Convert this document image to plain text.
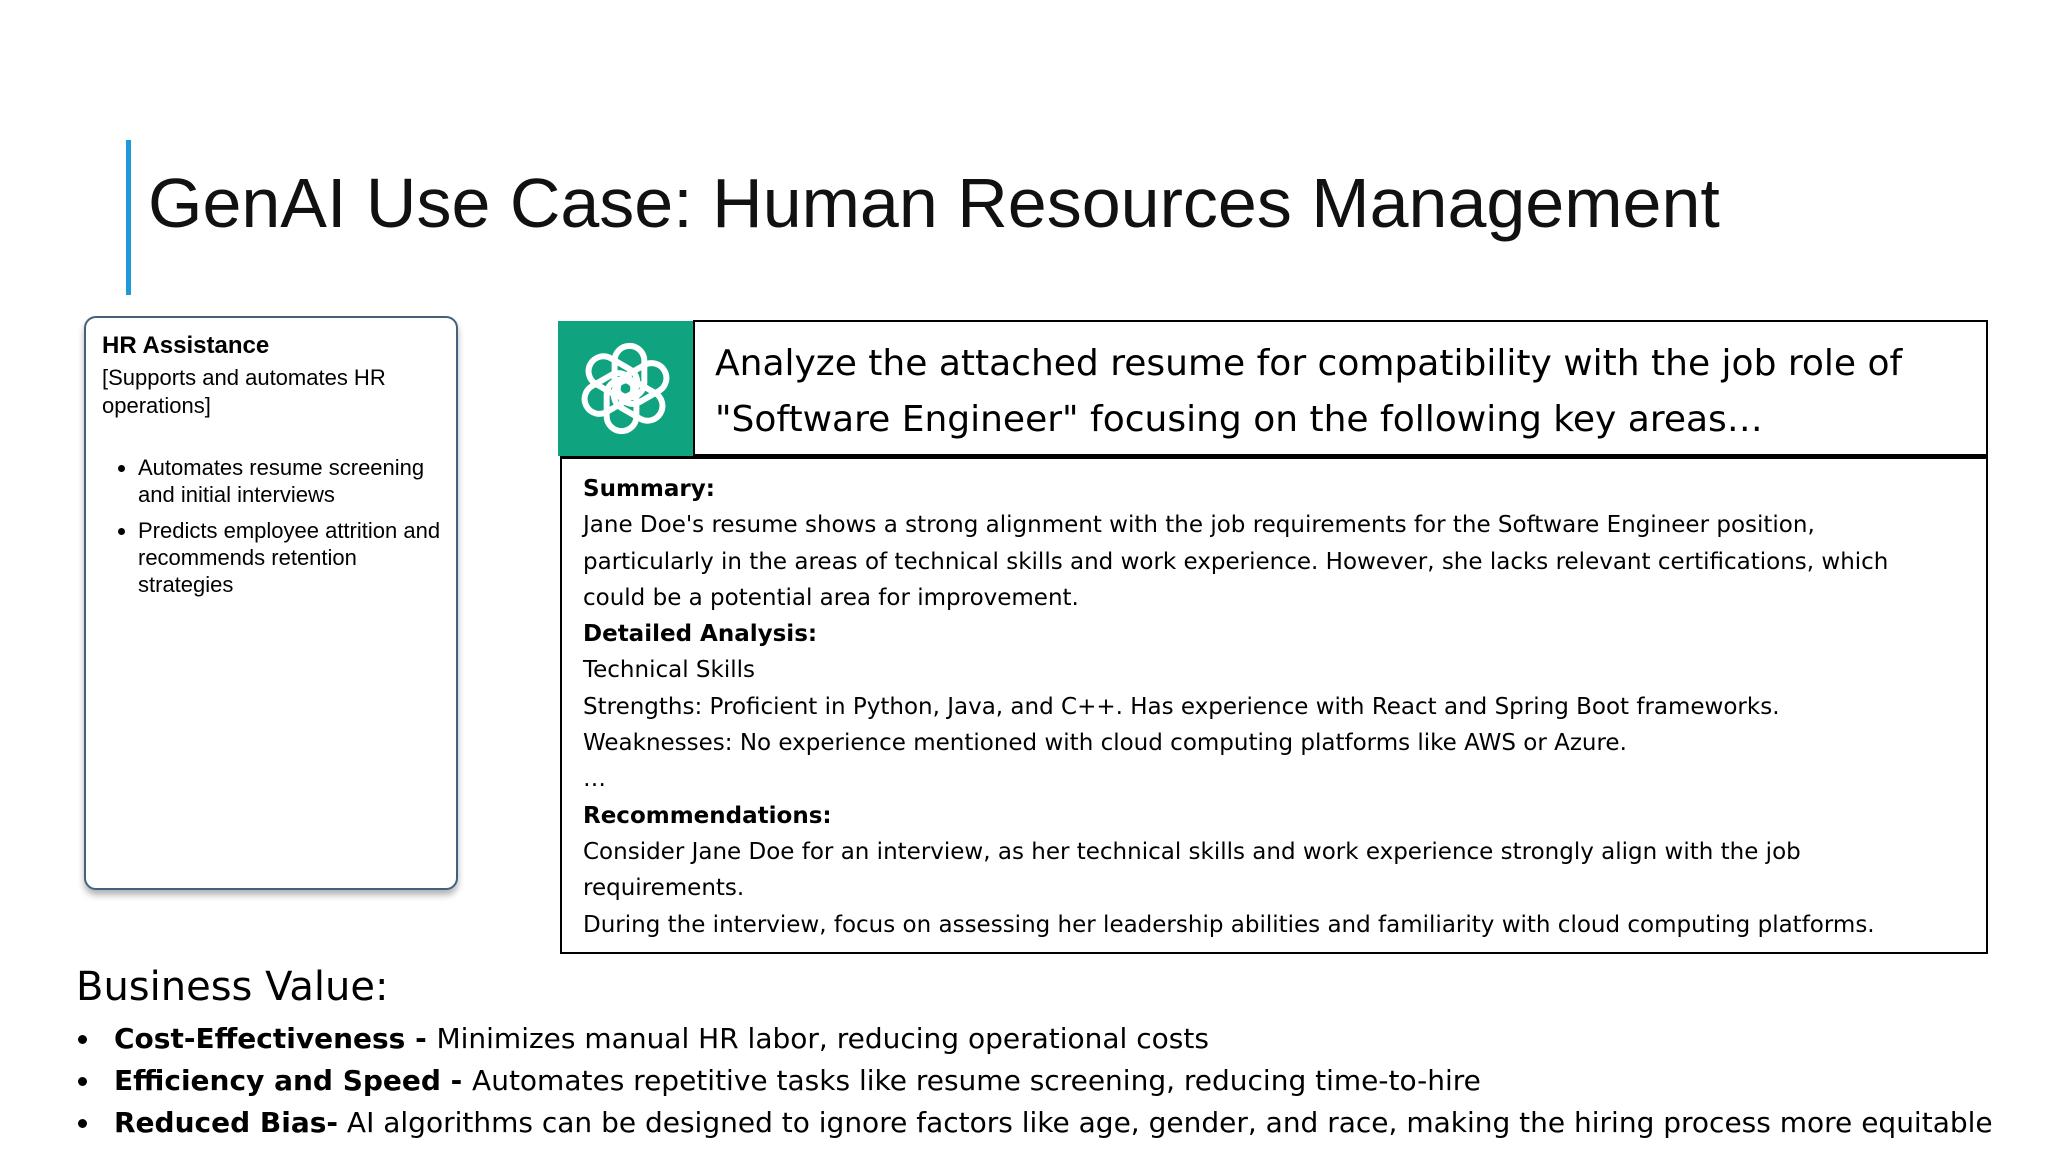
GenAI Use Case: Human Resources Management
HR Assistance
[Supports and automates HR operations]
Automates resume screening and initial interviews
Predicts employee attrition and recommends retention strategies
Analyze the attached resume for compatibility with the job role of "Software Engineer" focusing on the following key areas…
Summary:
Jane Doe's resume shows a strong alignment with the job requirements for the Software Engineer position,
particularly in the areas of technical skills and work experience. However, she lacks relevant certifications, which
could be a potential area for improvement.
Detailed Analysis:
Technical Skills
Strengths: Proficient in Python, Java, and C++. Has experience with React and Spring Boot frameworks.
Weaknesses: No experience mentioned with cloud computing platforms like AWS or Azure.
…
Recommendations:
Consider Jane Doe for an interview, as her technical skills and work experience strongly align with the job
requirements.
During the interview, focus on assessing her leadership abilities and familiarity with cloud computing platforms.
Business Value:
Cost-Effectiveness - Minimizes manual HR labor, reducing operational costs
Efficiency and Speed - Automates repetitive tasks like resume screening, reducing time-to-hire
Reduced Bias- AI algorithms can be designed to ignore factors like age, gender, and race, making the hiring process more equitable
